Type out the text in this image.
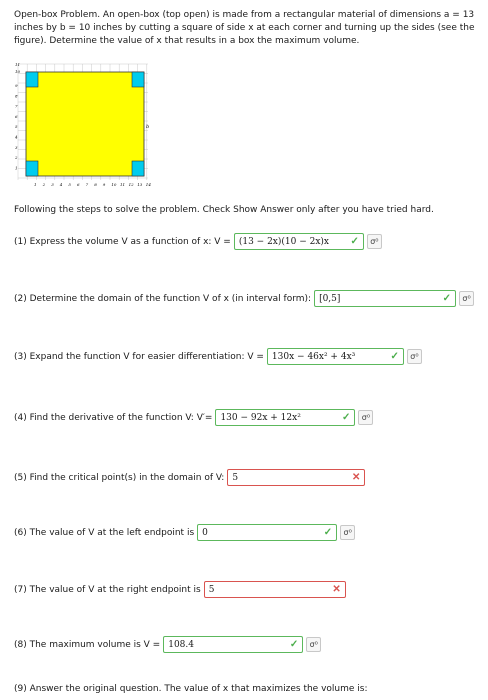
Open-box Problem. An open-box (top open) is made from a rectangular material of dimensions a = 13
inches by b = 10 inches by cutting a square of side x at each corner and turning up the sides (see the
figure). Determine the value of x that results in a box the maximum volume.
b
9
8
7
6
5
4
3
2
1
1 2 3 4 5 6 7 8 9 10 11 12 13 14
11
10
Following the steps to solve the problem. Check Show Answer only after you have tried hard.
(1) Express the volume V as a function of x: V = (13 − 2x)(10 − 2x)x	✓	σ⁰
(2) Determine the domain of the function V of x (in interval form): [0,5]	✓	σ⁰
(3) Expand the function V for easier differentiation: V = 130x − 46x² + 4x³	✓	σ⁰
(4) Find the derivative of the function V: V′= 130 − 92x + 12x²	✓	σ⁰
(5) Find the critical point(s) in the domain of V: 5	✕
(6) The value of V at the left endpoint is 0	✓	σ⁰
(7) The value of V at the right endpoint is 5	✕
(8) The maximum volume is V = 108.4	✓	σ⁰
(9) Answer the original question. The value of x that maximizes the volume is:
